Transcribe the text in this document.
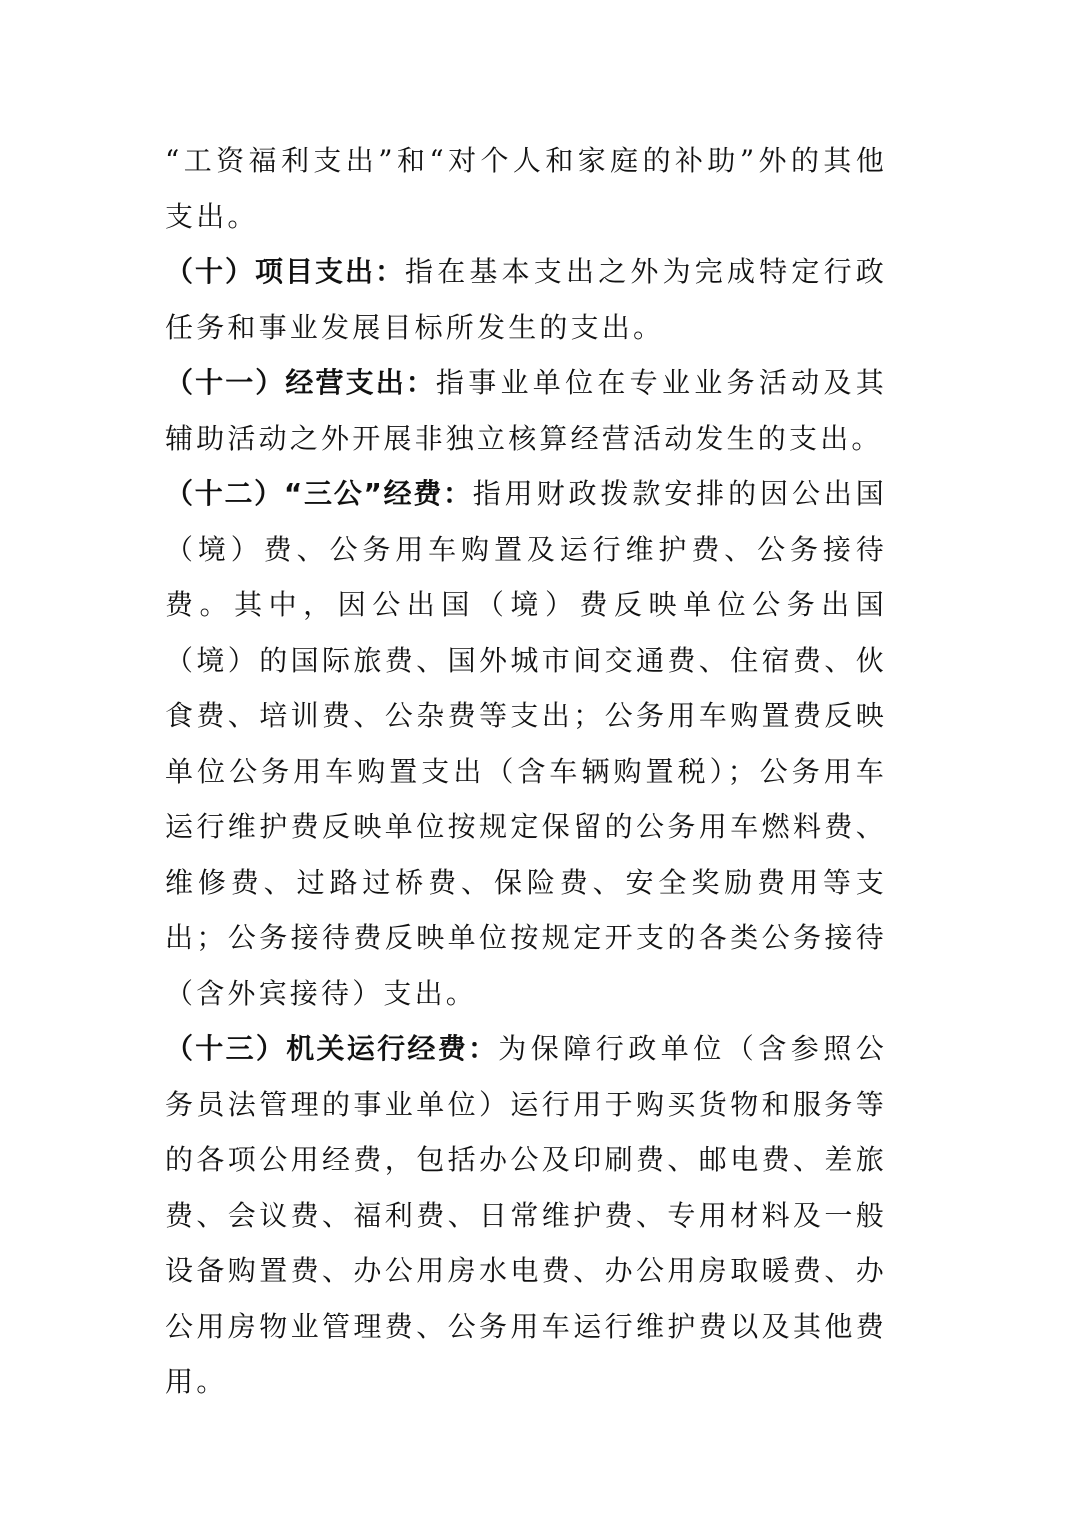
“工资福利支出”和“对个人和家庭的补助”外的其他支出。

（十）项目支出：指在基本支出之外为完成特定行政任务和事业发展目标所发生的支出。

（十一）经营支出：指事业单位在专业业务活动及其辅助活动之外开展非独立核算经营活动发生的支出。

（十二）“三公”经费：指用财政拨款安排的因公出国（境）费、公务用车购置及运行维护费、公务接待费。其中，因公出国（境）费反映单位公务出国（境）的国际旅费、国外城市间交通费、住宿费、伙食费、培训费、公杂费等支出；公务用车购置费反映单位公务用车购置支出（含车辆购置税）；公务用车运行维护费反映单位按规定保留的公务用车燃料费、维修费、过路过桥费、保险费、安全奖励费用等支出；公务接待费反映单位按规定开支的各类公务接待（含外宾接待）支出。

（十三）机关运行经费：为保障行政单位（含参照公务员法管理的事业单位）运行用于购买货物和服务等的各项公用经费，包括办公及印刷费、邮电费、差旅费、会议费、福利费、日常维护费、专用材料及一般设备购置费、办公用房水电费、办公用房取暖费、办公用房物业管理费、公务用车运行维护费以及其他费用。
